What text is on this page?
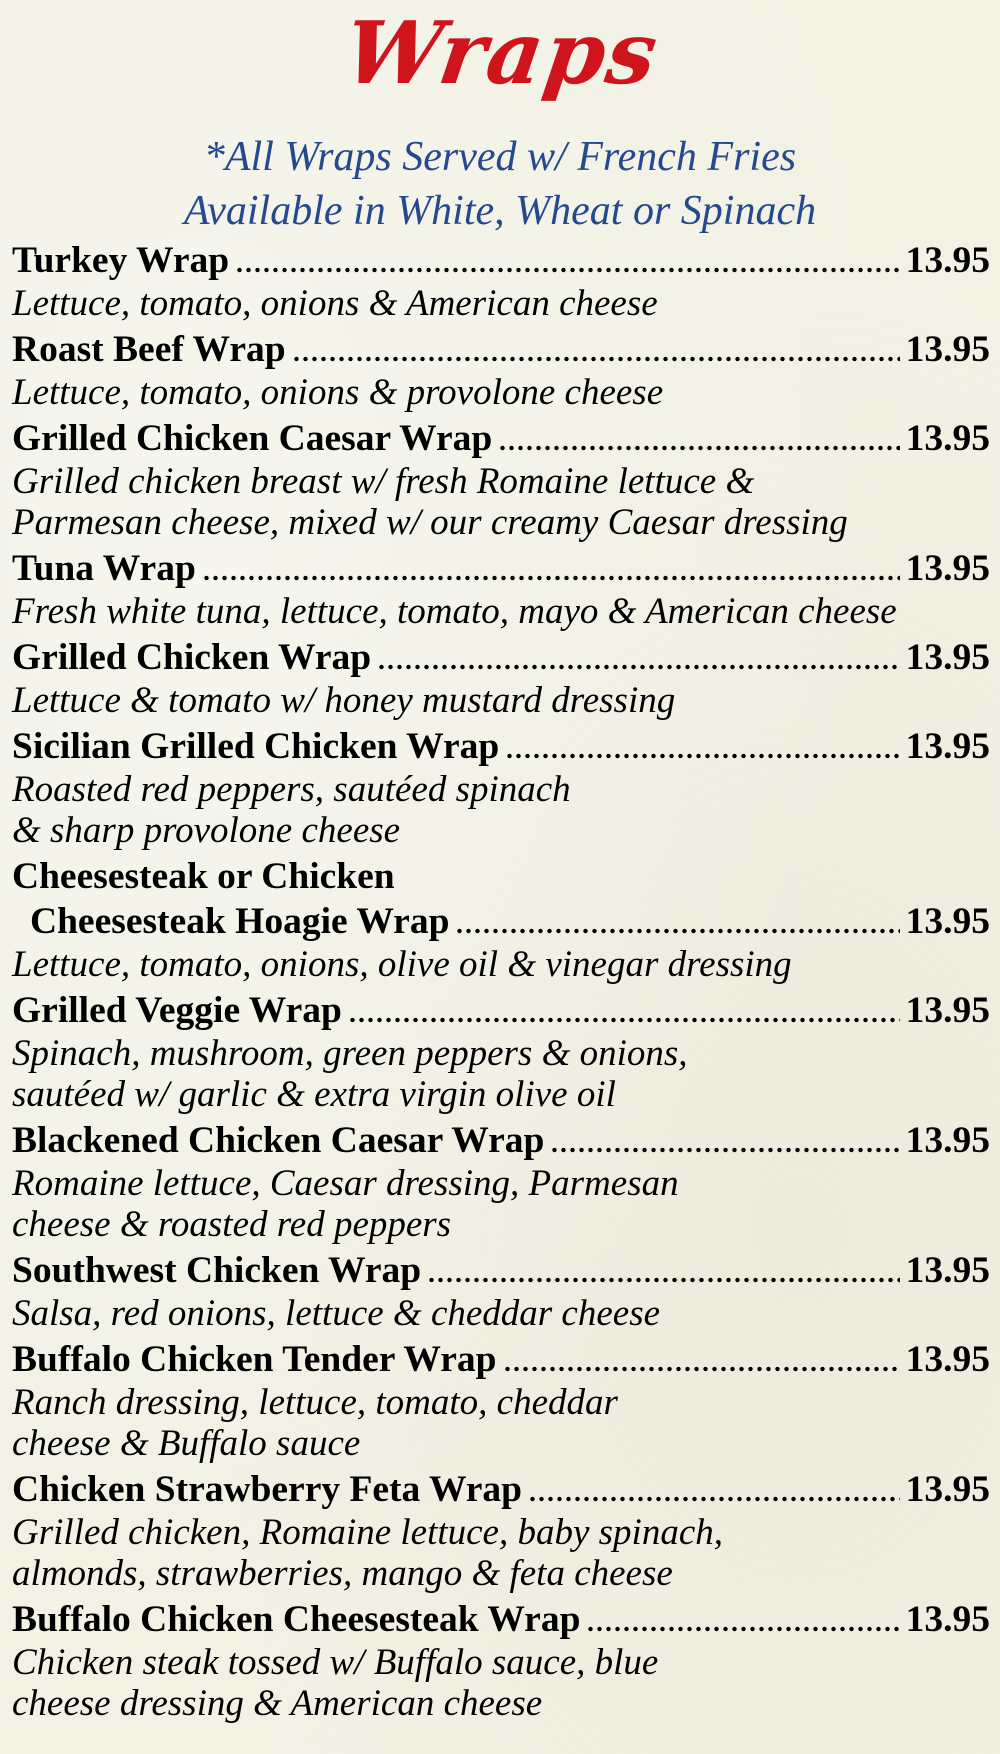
Wraps
*All Wraps Served w/ French Fries
Available in White, Wheat or Spinach
Turkey Wrap	13.95
Lettuce, tomato, onions & American cheese
Roast Beef Wrap	13.95
Lettuce, tomato, onions & provolone cheese
Grilled Chicken Caesar Wrap	13.95
Grilled chicken breast w/ fresh Romaine lettuce &
Parmesan cheese, mixed w/ our creamy Caesar dressing
Tuna Wrap	13.95
Fresh white tuna, lettuce, tomato, mayo & American cheese
Grilled Chicken Wrap	13.95
Lettuce & tomato w/ honey mustard dressing
Sicilian Grilled Chicken Wrap	13.95
Roasted red peppers, sautéed spinach
& sharp provolone cheese
Cheesesteak or Chicken
Cheesesteak Hoagie Wrap	13.95
Lettuce, tomato, onions, olive oil & vinegar dressing
Grilled Veggie Wrap	13.95
Spinach, mushroom, green peppers & onions,
sautéed w/ garlic & extra virgin olive oil
Blackened Chicken Caesar Wrap	13.95
Romaine lettuce, Caesar dressing, Parmesan
cheese & roasted red peppers
Southwest Chicken Wrap	13.95
Salsa, red onions, lettuce & cheddar cheese
Buffalo Chicken Tender Wrap	13.95
Ranch dressing, lettuce, tomato, cheddar
cheese & Buffalo sauce
Chicken Strawberry Feta Wrap	13.95
Grilled chicken, Romaine lettuce, baby spinach,
almonds, strawberries, mango & feta cheese
Buffalo Chicken Cheesesteak Wrap	13.95
Chicken steak tossed w/ Buffalo sauce, blue
cheese dressing & American cheese
